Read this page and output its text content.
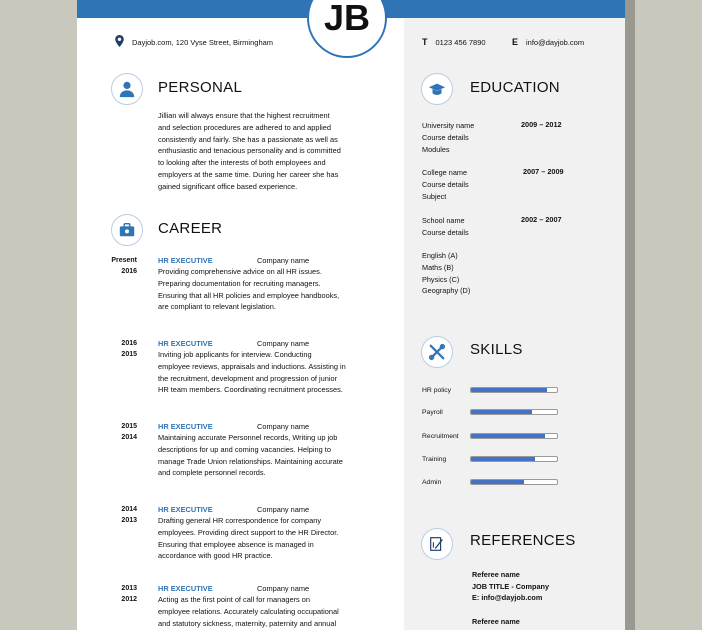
JB
Dayjob.com, 120 Vyse Street, Birmingham	T 0123 456 7890	E info@dayjob.com
PERSONAL
Jillian will always ensure that the highest recruitment
and selection procedures are adhered to and applied
consistently and fairly. She has a passionate as well as
enthusiastic and tenacious personality and is committed
to looking after the interests of both employees and
employers at the same time. During her career she has
gained significant office based experience.
CAREER
Present
2016
HR EXECUTIVE	Company name
Providing comprehensive advice on all HR issues.
Preparing documentation for recruiting managers.
Ensuring that all HR policies and employee handbooks,
are compliant to relevant legislation.
2016
2015
HR EXECUTIVE	Company name
Inviting job applicants for interview. Conducting
employee reviews, appraisals and inductions. Assisting in
the recruitment, development and progression of junior
HR team members. Coordinating recruitment processes.
2015
2014
HR EXECUTIVE	Company name
Maintaining accurate Personnel records, Writing up job
descriptions for up and coming vacancies. Helping to
manage Trade Union relationships. Maintaining accurate
and complete personnel records.
2014
2013
HR EXECUTIVE	Company name
Drafting general HR correspondence for company
employees. Providing direct support to the HR Director.
Ensuring that employee absence is managed in
accordance with good HR practice.
2013
2012
HR EXECUTIVE	Company name
Acting as the first point of call for managers on
employee relations. Accurately calculating occupational
and statutory sickness, maternity, paternity and annual
EDUCATION
University name
Course details
Modules
2009 – 2012
College name
Course details
Subject
2007 – 2009
School name
Course details
2002 – 2007
English (A)
Maths (B)
Physics (C)
Geography (D)
SKILLS
HR policy
Payroll
Recruitment
Training
Admin
REFERENCES
Referee name
JOB TITLE - Company
E: info@dayjob.com
Referee name
